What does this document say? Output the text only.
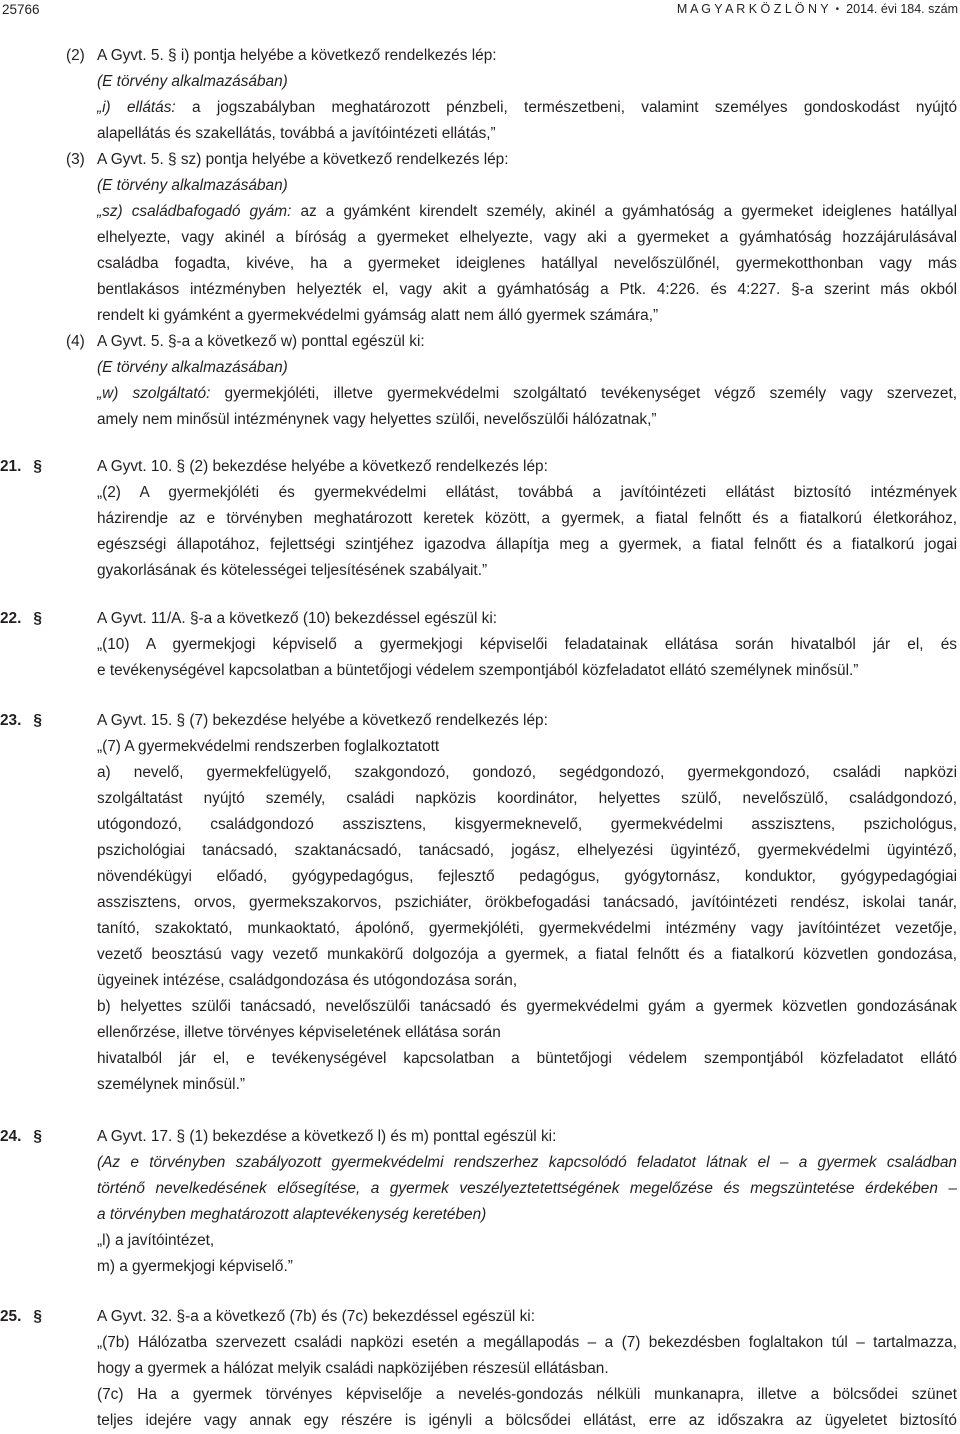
25766	M A G Y A R K Ö Z L Ö N Y • 2014. évi 184. szám
(2) A Gyvt. 5. § i) pontja helyébe a következő rendelkezés lép:
(E törvény alkalmazásában)
„i) ellátás: a jogszabályban meghatározott pénzbeli, természetbeni, valamint személyes gondoskodást nyújtó
alapellátás és szakellátás, továbbá a javítóintézeti ellátás,”
(3) A Gyvt. 5. § sz) pontja helyébe a következő rendelkezés lép:
(E törvény alkalmazásában)
„sz) családbafogadó gyám: az a gyámként kirendelt személy, akinél a gyámhatóság a gyermeket ideiglenes hatállyal
elhelyezte, vagy akinél a bíróság a gyermeket elhelyezte, vagy aki a gyermeket a gyámhatóság hozzájárulásával
családba fogadta, kivéve, ha a gyermeket ideiglenes hatállyal nevelőszülőnél, gyermekotthonban vagy más
bentlakásos intézményben helyezték el, vagy akit a gyámhatóság a Ptk. 4:226. és 4:227. §-a szerint más okból
rendelt ki gyámként a gyermekvédelmi gyámság alatt nem álló gyermek számára,”
(4) A Gyvt. 5. §-a a következő w) ponttal egészül ki:
(E törvény alkalmazásában)
„w) szolgáltató: gyermekjóléti, illetve gyermekvédelmi szolgáltató tevékenységet végző személy vagy szervezet,
amely nem minősül intézménynek vagy helyettes szülői, nevelőszülői hálózatnak,”
21. §	A Gyvt. 10. § (2) bekezdése helyébe a következő rendelkezés lép:
„(2) A gyermekjóléti és gyermekvédelmi ellátást, továbbá a javítóintézeti ellátást biztosító intézmények
házirendje az e törvényben meghatározott keretek között, a gyermek, a fiatal felnőtt és a fiatalkorú életkorához,
egészségi állapotához, fejlettségi szintjéhez igazodva állapítja meg a gyermek, a fiatal felnőtt és a fiatalkorú jogai
gyakorlásának és kötelességei teljesítésének szabályait.”
22. §	A Gyvt. 11/A. §-a a következő (10) bekezdéssel egészül ki:
„(10) A gyermekjogi képviselő a gyermekjogi képviselői feladatainak ellátása során hivatalból jár el, és
e tevékenységével kapcsolatban a büntetőjogi védelem szempontjából közfeladatot ellátó személynek minősül.”
23. §	A Gyvt. 15. § (7) bekezdése helyébe a következő rendelkezés lép:
„(7) A gyermekvédelmi rendszerben foglalkoztatott
a) nevelő, gyermekfelügyelő, szakgondozó, gondozó, segédgondozó, gyermekgondozó, családi napközi
szolgáltatást nyújtó személy, családi napközis koordinátor, helyettes szülő, nevelőszülő, családgondozó,
utógondozó, családgondozó asszisztens, kisgyermeknevelő, gyermekvédelmi asszisztens, pszichológus,
pszichológiai tanácsadó, szaktanácsadó, tanácsadó, jogász, elhelyezési ügyintéző, gyermekvédelmi ügyintéző,
növendékügyi előadó, gyógypedagógus, fejlesztő pedagógus, gyógytornász, konduktor, gyógypedagógiai
asszisztens, orvos, gyermekszakorvos, pszichiáter, örökbefogadási tanácsadó, javítóintézeti rendész, iskolai tanár,
tanító, szakoktató, munkaoktató, ápolónő, gyermekjóléti, gyermekvédelmi intézmény vagy javítóintézet vezetője,
vezető beosztású vagy vezető munkakörű dolgozója a gyermek, a fiatal felnőtt és a fiatalkorú közvetlen gondozása,
ügyeinek intézése, családgondozása és utógondozása során,
b) helyettes szülői tanácsadó, nevelőszülői tanácsadó és gyermekvédelmi gyám a gyermek közvetlen gondozásának
ellenőrzése, illetve törvényes képviseletének ellátása során
hivatalból jár el, e tevékenységével kapcsolatban a büntetőjogi védelem szempontjából közfeladatot ellátó
személynek minősül.”
24. §	A Gyvt. 17. § (1) bekezdése a következő l) és m) ponttal egészül ki:
(Az e törvényben szabályozott gyermekvédelmi rendszerhez kapcsolódó feladatot látnak el – a gyermek családban
történő nevelkedésének elősegítése, a gyermek veszélyeztetettségének megelőzése és megszüntetése érdekében –
a törvényben meghatározott alaptevékenység keretében)
„l) a javítóintézet,
m) a gyermekjogi képviselő.”
25. §	A Gyvt. 32. §-a a következő (7b) és (7c) bekezdéssel egészül ki:
„(7b) Hálózatba szervezett családi napközi esetén a megállapodás – a (7) bekezdésben foglaltakon túl – tartalmazza,
hogy a gyermek a hálózat melyik családi napközijében részesül ellátásban.
(7c) Ha a gyermek törvényes képviselője a nevelés-gondozás nélküli munkanapra, illetve a bölcsődei szünet
teljes idejére vagy annak egy részére is igényli a bölcsődei ellátást, erre az időszakra az ügyeletet biztosító
